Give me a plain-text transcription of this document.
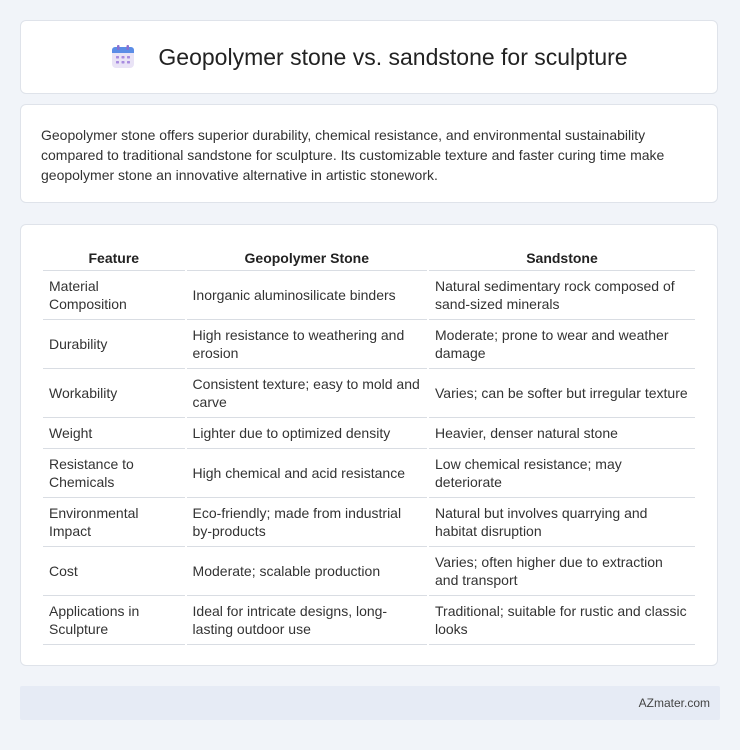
Geopolymer stone vs. sandstone for sculpture

Geopolymer stone offers superior durability, chemical resistance, and environmental sustainability compared to traditional sandstone for sculpture. Its customizable texture and faster curing time make geopolymer stone an innovative alternative in artistic stonework.

Feature	Geopolymer Stone	Sandstone
Material Composition	Inorganic aluminosilicate binders	Natural sedimentary rock composed of sand-sized minerals
Durability	High resistance to weathering and erosion	Moderate; prone to wear and weather damage
Workability	Consistent texture; easy to mold and carve	Varies; can be softer but irregular texture
Weight	Lighter due to optimized density	Heavier, denser natural stone
Resistance to Chemicals	High chemical and acid resistance	Low chemical resistance; may deteriorate
Environmental Impact	Eco-friendly; made from industrial by-products	Natural but involves quarrying and habitat disruption
Cost	Moderate; scalable production	Varies; often higher due to extraction and transport
Applications in Sculpture	Ideal for intricate designs, long-lasting outdoor use	Traditional; suitable for rustic and classic looks
AZmater.com
